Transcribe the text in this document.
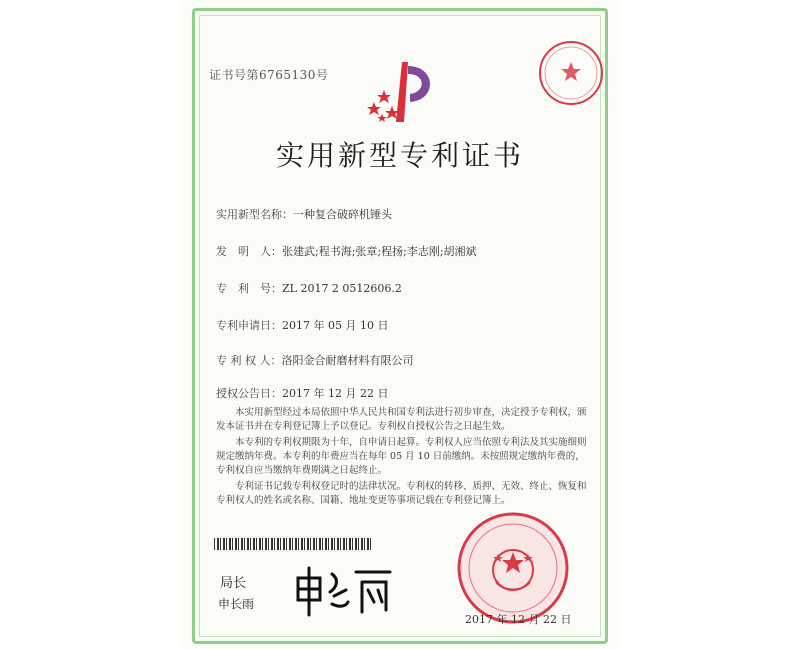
证书号第6765130号
实用新型专利证书
实用新型名称：一种复合破碎机锤头
发　明　人：张建武;程书海;张章;程扬;李志刚;胡湘斌
专　利　号：ZL 2017 2 0512606.2
专利申请日：2017 年 05 月 10 日
专 利 权 人：洛阳金合耐磨材料有限公司
授权公告日：2017 年 12 月 22 日
本实用新型经过本局依照中华人民共和国专利法进行初步审查，决定授予专利权，颁发本证书并在专利登记簿上予以登记。专利权自授权公告之日起生效。
本专利的专利权期限为十年，自申请日起算。专利权人应当依照专利法及其实施细则规定缴纳年费。本专利的年费应当在每年 05 月 10 日前缴纳。未按照规定缴纳年费的，专利权自应当缴纳年费期满之日起终止。
专利证书记载专利权登记时的法律状况。专利权的转移、质押、无效、终止、恢复和专利权人的姓名或名称、国籍、地址变更等事项记载在专利登记簿上。
局长
申长雨
2017 年 12 月 22 日
